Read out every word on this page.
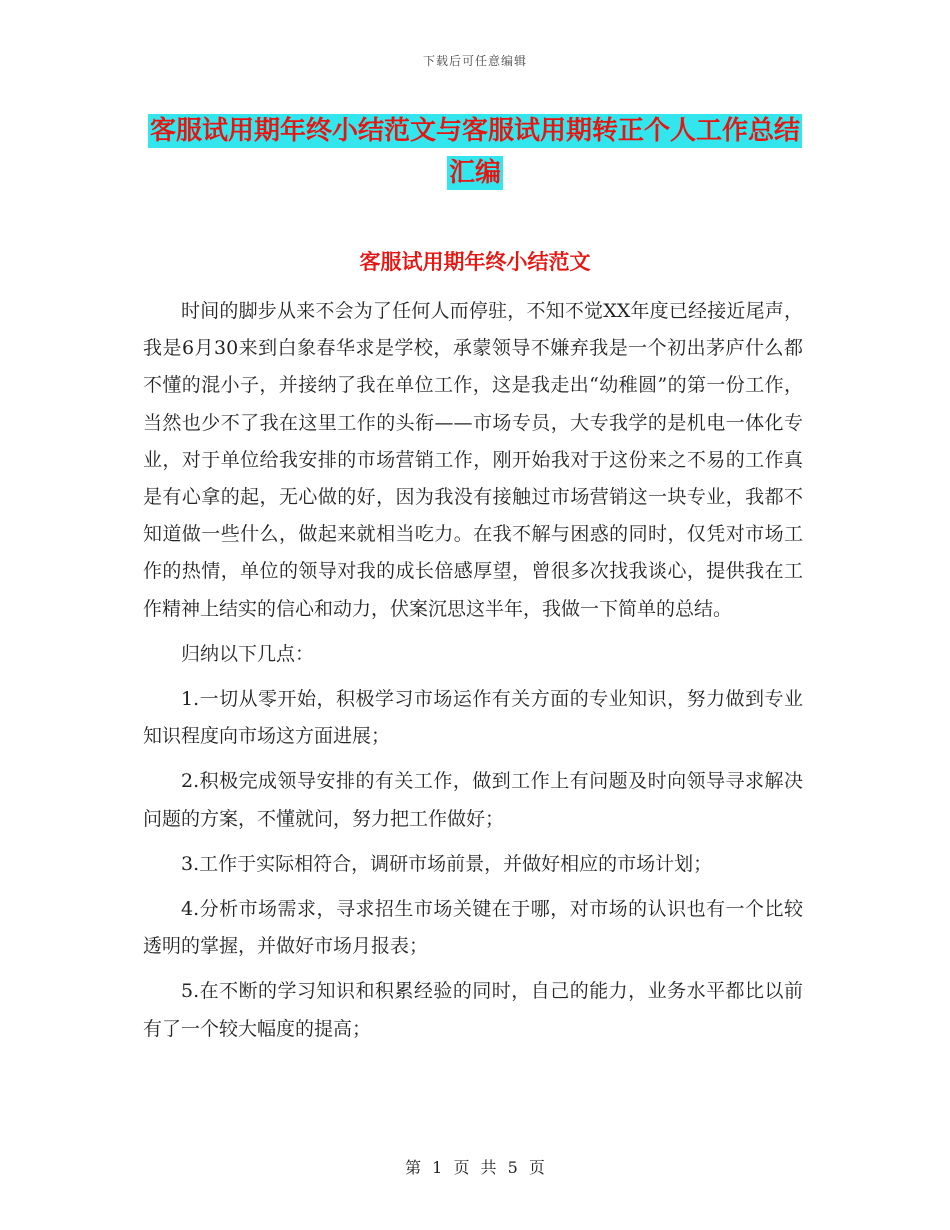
下载后可任意编辑
客服试用期年终小结范文与客服试用期转正个人工作总结汇编
客服试用期年终小结范文

时间的脚步从来不会为了任何人而停驻，不知不觉XX年度已经接近尾声，我是6月30来到白象春华求是学校，承蒙领导不嫌弃我是一个初出茅庐什么都不懂的混小子，并接纳了我在单位工作，这是我走出“幼稚圆”的第一份工作，当然也少不了我在这里工作的头衔——市场专员，大专我学的是机电一体化专业，对于单位给我安排的市场营销工作，刚开始我对于这份来之不易的工作真是有心拿的起，无心做的好，因为我没有接触过市场营销这一块专业，我都不知道做一些什么，做起来就相当吃力。在我不解与困惑的同时，仅凭对市场工作的热情，单位的领导对我的成长倍感厚望，曾很多次找我谈心，提供我在工作精神上结实的信心和动力，伏案沉思这半年，我做一下简单的总结。

归纳以下几点：

1.一切从零开始，积极学习市场运作有关方面的专业知识，努力做到专业知识程度向市场这方面进展；

2.积极完成领导安排的有关工作，做到工作上有问题及时向领导寻求解决问题的方案，不懂就问，努力把工作做好；

3.工作于实际相符合，调研市场前景，并做好相应的市场计划；

4.分析市场需求，寻求招生市场关键在于哪，对市场的认识也有一个比较透明的掌握，并做好市场月报表；

5.在不断的学习知识和积累经验的同时，自己的能力，业务水平都比以前有了一个较大幅度的提高；

第 1 页 共 5 页
